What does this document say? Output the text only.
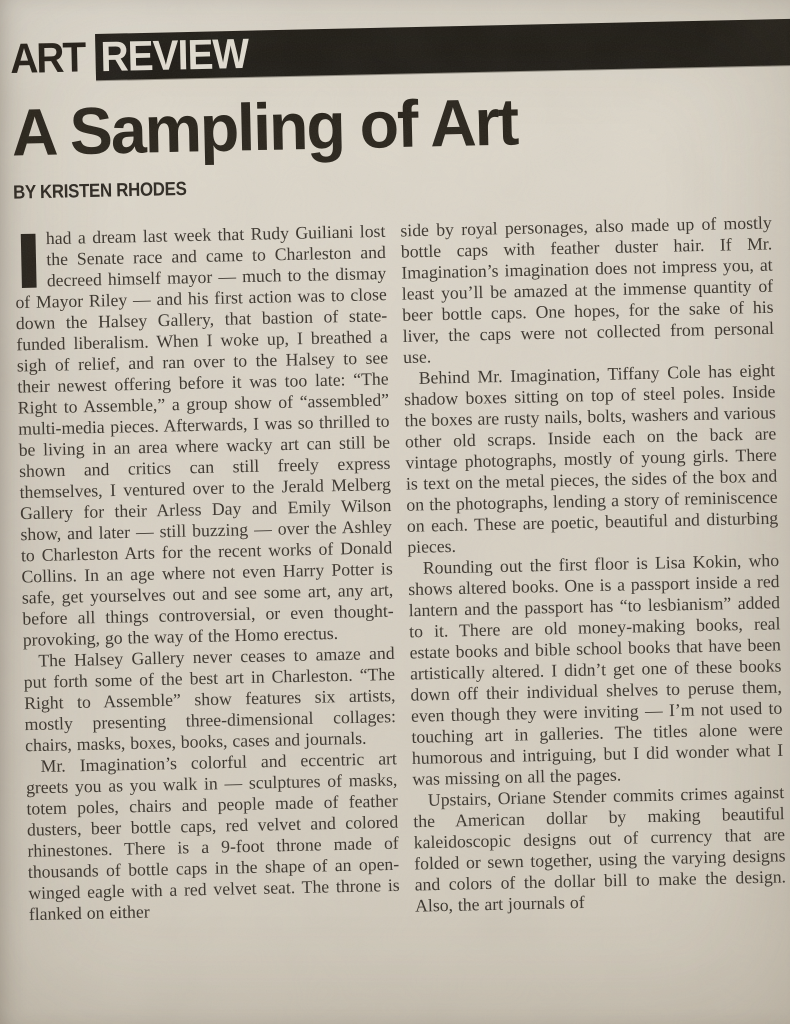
ART REVIEW
A Sampling of Art
BY KRISTEN RHODES

Ihad a dream last week that Rudy Guiliani lost the Senate race and came to Charleston and decreed himself mayor — much to the dismay of Mayor Riley — and his first action was to close down the Halsey Gallery, that bastion of state-funded liberalism. When I woke up, I breathed a sigh of relief, and ran over to the Halsey to see their newest offering before it was too late: “The Right to Assemble,” a group show of “assembled” multi-media pieces. Afterwards, I was so thrilled to be living in an area where wacky art can still be shown and critics can still freely express themselves, I ventured over to the Jerald Melberg Gallery for their Arless Day and Emily Wilson show, and later — still buzzing — over the Ashley to Charleston Arts for the recent works of Donald Collins. In an age where not even Harry Potter is safe, get yourselves out and see some art, any art, before all things controversial, or even thought-provoking, go the way of the Homo erectus.

The Halsey Gallery never ceases to amaze and put forth some of the best art in Charleston. “The Right to Assemble” show features six artists, mostly presenting three-dimensional collages: chairs, masks, boxes, books, cases and journals.

Mr. Imagination’s colorful and eccentric art greets you as you walk in — sculptures of masks, totem poles, chairs and people made of feather dusters, beer bottle caps, red velvet and colored rhinestones. There is a 9-foot throne made of thousands of bottle caps in the shape of an open-winged eagle with a red velvet seat. The throne is flanked on either

side by royal personages, also made up of mostly bottle caps with feather duster hair. If Mr. Imagination’s imagination does not impress you, at least you’ll be amazed at the immense quantity of beer bottle caps. One hopes, for the sake of his liver, the caps were not collected from personal use.

Behind Mr. Imagination, Tiffany Cole has eight shadow boxes sitting on top of steel poles. Inside the boxes are rusty nails, bolts, washers and various other old scraps. Inside each on the back are vintage photographs, mostly of young girls. There is text on the metal pieces, the sides of the box and on the photographs, lending a story of reminiscence on each. These are poetic, beautiful and disturbing pieces.

Rounding out the first floor is Lisa Kokin, who shows altered books. One is a passport inside a red lantern and the passport has “to lesbianism” added to it. There are old money-making books, real estate books and bible school books that have been artistically altered. I didn’t get one of these books down off their individual shelves to peruse them, even though they were inviting — I’m not used to touching art in galleries. The titles alone were humorous and intriguing, but I did wonder what I was missing on all the pages.

Upstairs, Oriane Stender commits crimes against the American dollar by making beautiful kaleidoscopic designs out of currency that are folded or sewn together, using the varying designs and colors of the dollar bill to make the design. Also, the art journals of
